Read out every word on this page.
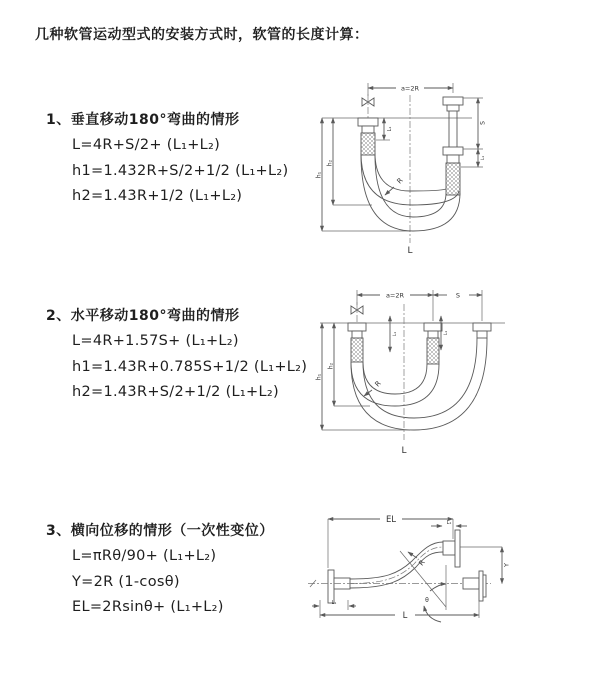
几种软管运动型式的安装方式时，软管的长度计算：
1、垂直移动180°弯曲的情形
L=4R+S/2+ (L₁+L₂)
h1=1.432R+S/2+1/2 (L₁+L₂)
h2=1.43R+1/2 (L₁+L₂)
2、水平移动180°弯曲的情形
L=4R+1.57S+ (L₁+L₂)
h1=1.43R+0.785S+1/2 (L₁+L₂)
h2=1.43R+S/2+1/2 (L₁+L₂)
3、横向位移的情形（一次性变位）
L=πRθ/90+ (L₁+L₂)
Y=2R (1-cosθ)
EL=2Rsinθ+ (L₁+L₂)
a=2R
h₁
h₂
L₁
S
L₁
R
L
a=2R	S
h₁
h₂
L₁	L₁
L
R
EL	L₁
Y
θ
R
L₁
L
